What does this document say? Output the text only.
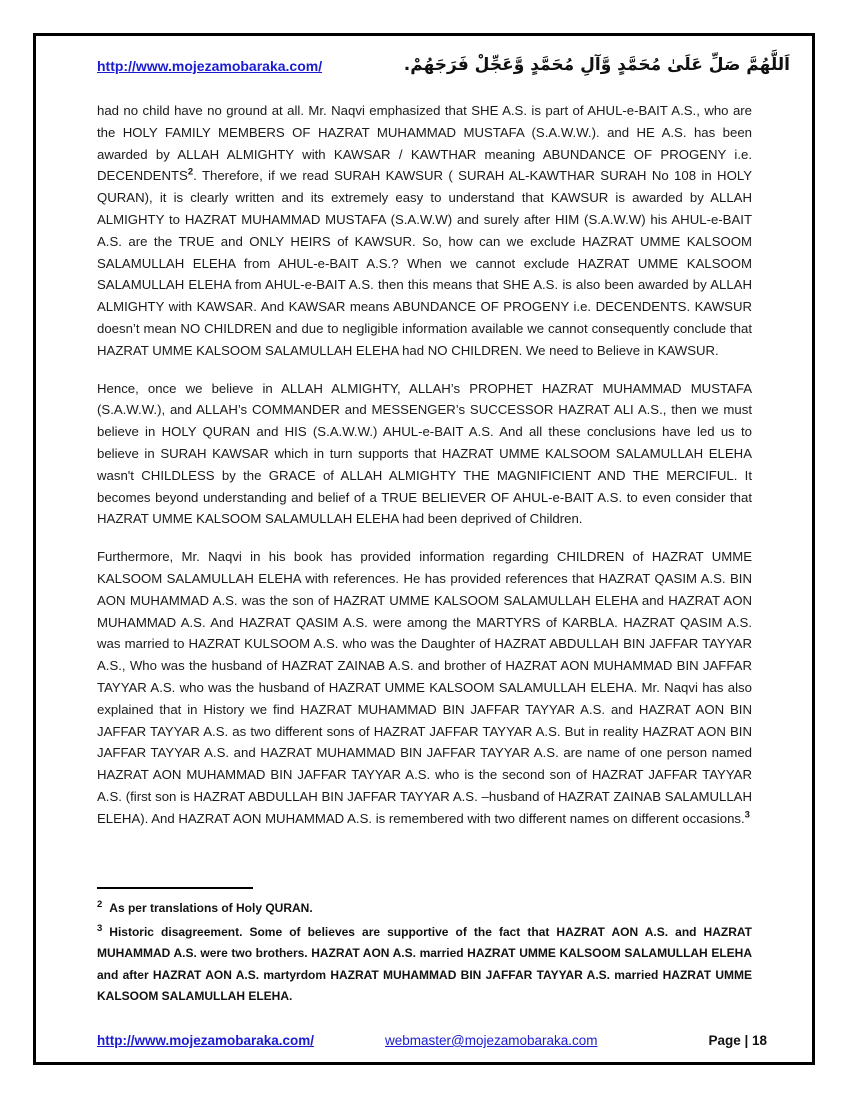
http://www.mojezamobaraka.com/	اَللَّهُمَّ صَلِّ عَلَىٰ مُحَمَّدٍ وَّآلِ مُحَمَّدٍ وَّعَجِّلْ فَرَجَهُمْ.

had no child have no ground at all. Mr. Naqvi emphasized that SHE A.S. is part of AHUL-e-BAIT A.S., who are the HOLY FAMILY MEMBERS OF HAZRAT MUHAMMAD MUSTAFA (S.A.W.W.). and HE A.S. has been awarded by ALLAH ALMIGHTY with KAWSAR / KAWTHAR meaning ABUNDANCE OF PROGENY i.e. DECENDENTS$^2$. Therefore, if we read SURAH KAWSUR ( SURAH AL-KAWTHAR SURAH No 108 in HOLY QURAN), it is clearly written and its extremely easy to understand that KAWSUR is awarded by ALLAH ALMIGHTY to HAZRAT MUHAMMAD MUSTAFA (S.A.W.W) and surely after HIM (S.A.W.W) his AHUL-e-BAIT A.S. are the TRUE and ONLY HEIRS of KAWSUR. So, how can we exclude HAZRAT UMME KALSOOM SALAMULLAH ELEHA from AHUL-e-BAIT A.S.? When we cannot exclude HAZRAT UMME KALSOOM SALAMULLAH ELEHA from AHUL-e-BAIT A.S. then this means that SHE A.S. is also been awarded by ALLAH ALMIGHTY with KAWSAR. And KAWSAR means ABUNDANCE OF PROGENY i.e. DECENDENTS. KAWSUR doesn’t mean NO CHILDREN and due to negligible information available we cannot consequently conclude that HAZRAT UMME KALSOOM SALAMULLAH ELEHA had NO CHILDREN. We need to Believe in KAWSUR.

Hence, once we believe in ALLAH ALMIGHTY, ALLAH’s PROPHET HAZRAT MUHAMMAD MUSTAFA (S.A.W.W.), and ALLAH’s COMMANDER and MESSENGER’s SUCCESSOR HAZRAT ALI A.S., then we must believe in HOLY QURAN and HIS (S.A.W.W.) AHUL-e-BAIT A.S. And all these conclusions have led us to believe in SURAH KAWSAR which in turn supports that HAZRAT UMME KALSOOM SALAMULLAH ELEHA wasn't CHILDLESS by the GRACE of ALLAH ALMIGHTY THE MAGNIFICIENT AND THE MERCIFUL. It becomes beyond understanding and belief of a TRUE BELIEVER OF AHUL-e-BAIT A.S. to even consider that HAZRAT UMME KALSOOM SALAMULLAH ELEHA had been deprived of Children.

Furthermore, Mr. Naqvi in his book has provided information regarding CHILDREN of HAZRAT UMME KALSOOM SALAMULLAH ELEHA with references. He has provided references that HAZRAT QASIM A.S. BIN AON MUHAMMAD A.S. was the son of HAZRAT UMME KALSOOM SALAMULLAH ELEHA and HAZRAT AON MUHAMMAD A.S. And HAZRAT QASIM A.S. were among the MARTYRS of KARBLA. HAZRAT QASIM A.S. was married to HAZRAT KULSOOM A.S. who was the Daughter of HAZRAT ABDULLAH BIN JAFFAR TAYYAR A.S., Who was the husband of HAZRAT ZAINAB A.S. and brother of HAZRAT AON MUHAMMAD BIN JAFFAR TAYYAR A.S. who was the husband of HAZRAT UMME KALSOOM SALAMULLAH ELEHA. Mr. Naqvi has also explained that in History we find HAZRAT MUHAMMAD BIN JAFFAR TAYYAR A.S. and HAZRAT AON BIN JAFFAR TAYYAR A.S. as two different sons of HAZRAT JAFFAR TAYYAR A.S. But in reality HAZRAT AON BIN JAFFAR TAYYAR A.S. and HAZRAT MUHAMMAD BIN JAFFAR TAYYAR A.S. are name of one person named HAZRAT AON MUHAMMAD BIN JAFFAR TAYYAR A.S. who is the second son of HAZRAT JAFFAR TAYYAR A.S. (first son is HAZRAT ABDULLAH BIN JAFFAR TAYYAR A.S. –husband of HAZRAT ZAINAB SALAMULLAH ELEHA). And HAZRAT AON MUHAMMAD A.S. is remembered with two different names on different occasions.$^3$

$^2$ As per translations of Holy QURAN.

$^3$ Historic disagreement. Some of believes are supportive of the fact that HAZRAT AON A.S. and HAZRAT MUHAMMAD A.S. were two brothers. HAZRAT AON A.S. married HAZRAT UMME KALSOOM SALAMULLAH ELEHA and after HAZRAT AON A.S. martyrdom HAZRAT MUHAMMAD BIN JAFFAR TAYYAR A.S. married HAZRAT UMME KALSOOM SALAMULLAH ELEHA.

http://www.mojezamobaraka.com/	webmaster@mojezamobaraka.com	Page | 18
